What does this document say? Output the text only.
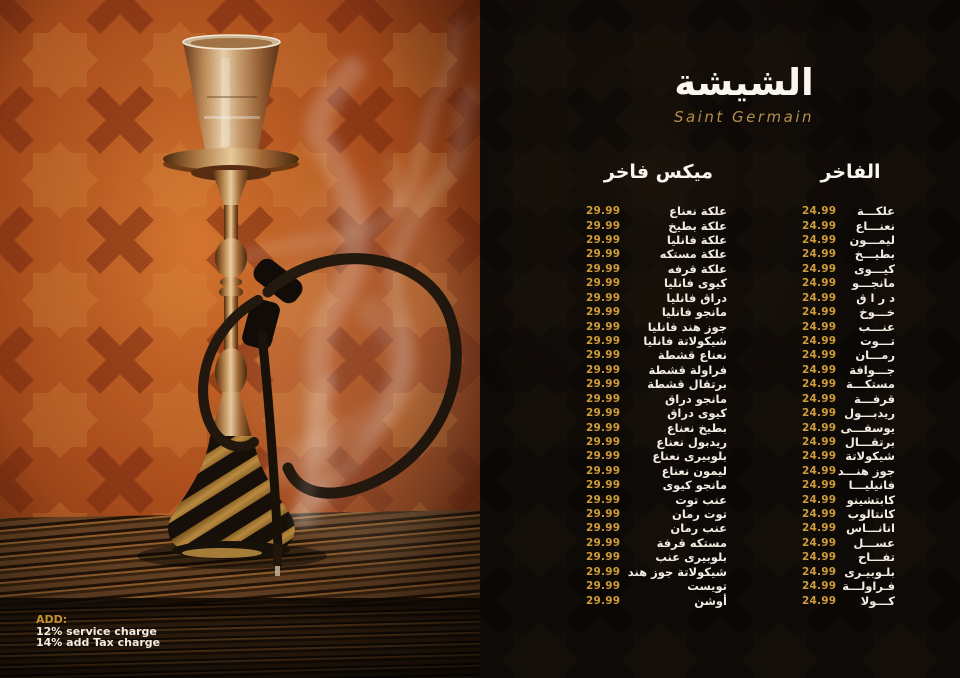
ADD:
12% service charge
14% add Tax charge
الشيشة
Saint Germain
ميكس فاخر	الفاخر
29.99	علكة نعناع
29.99	علكة بطيخ
29.99	علكة فانليا
29.99	علكة مستكه
29.99	علكة قرفه
29.99	كيوى فانليا
29.99	دراق فانليا
29.99	مانجو فانليا
29.99 جوز هند فانليا
29.99 شيكولاتة فانليا
29.99	نعناع قشطة
29.99 فراولة قشطة
29.99 برتقال قشطة
29.99	مانجو دراق
29.99	كيوى دراق
29.99	بطيخ نعناع
29.99	ريدبول نعناع
29.99	بلوبيرى نعناع
29.99	ليمون نعناع
29.99	مانجو كيوى
29.99	عنب توت
29.99	توت رمان
29.99	عنب رمان
29.99	مستكه قرفة
29.99	بلوبيرى عنب
29.99 شيكولاتة جوز هند
29.99	تويست
29.99	أوشن
24.99 علكـــة
24.99 نعنـــاع
24.99 ليمـــون
24.99 بطيـــخ
24.99 كيـــوى
24.99 مانجـــو
24.99 د ر ا ق
24.99 خـــوخ
24.99 عنـــب
24.99 تـــوت
24.99 رمـــان
24.99 جـــوافة
24.99 مستكـــة
24.99 قرفـــة
24.99 ريدبـــول
24.99 يوسفـــى
24.99 برتقـــال
24.99 شيكولاتة
24.99 جوز هنـــد
24.99 فانيليـــا
24.99 كابتشينو
24.99 كانتالوب
24.99 انانـــاس
24.99 عســـل
24.99 تفـــاح
24.99 بلـوبيـرى
24.99 فـراولـــة
24.99 كـــولا
